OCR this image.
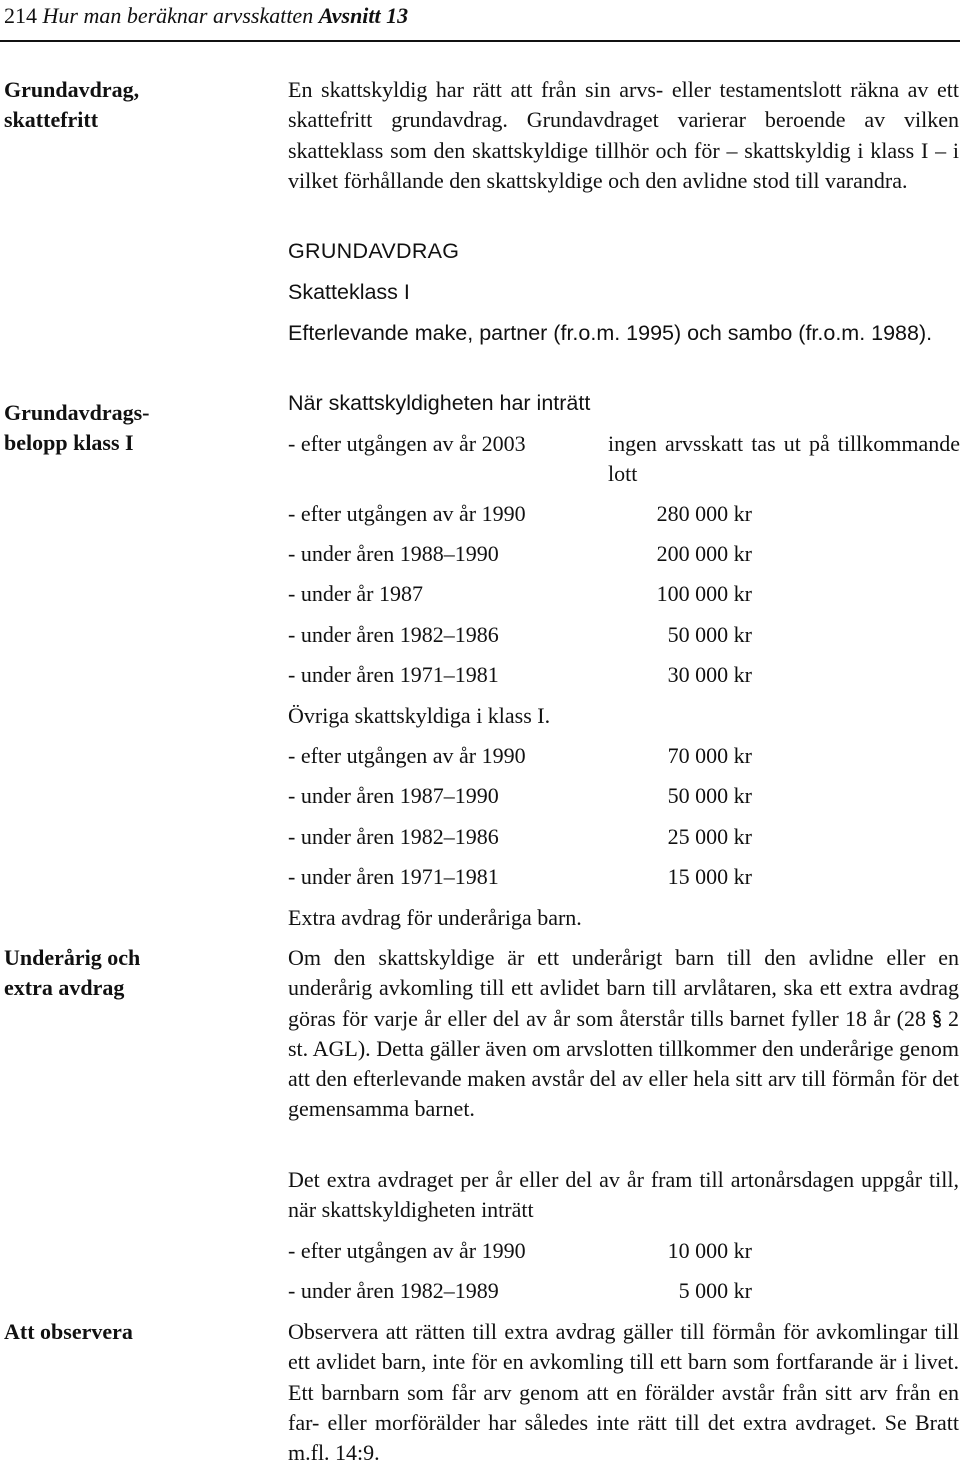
214 Hur man beräknar arvsskatten Avsnitt 13
Grundavdrag,
skattefritt
Grundavdrags-
belopp klass I
Underårig och
extra avdrag
Att observera
En skattskyldig har rätt att från sin arvs- eller testamentslott räkna av ett skattefritt grundavdrag. Grundavdraget varierar beroende av vilken skatteklass som den skattskyldige tillhör och för – skattskyldig i klass I – i vilket förhållande den skattskyldige och den avlidne stod till varandra.
GRUNDAVDRAG
Skatteklass I
Efterlevande make, partner (fr.o.m. 1995) och sambo (fr.o.m. 1988).
När skattskyldigheten har inträtt
- efter utgången av år 2003	ingen arvsskatt tas ut på tillkommande lott
- efter utgången av år 1990	280 000 kr
- under åren 1988–1990	200 000 kr
- under år 1987	100 000 kr
- under åren 1982–1986	50 000 kr
- under åren 1971–1981	30 000 kr
Övriga skattskyldiga i klass I.
- efter utgången av år 1990	70 000 kr
- under åren 1987–1990	50 000 kr
- under åren 1982–1986	25 000 kr
- under åren 1971–1981	15 000 kr
Extra avdrag för underåriga barn.
Om den skattskyldige är ett underårigt barn till den avlidne eller en underårig avkomling till ett avlidet barn till arvlåtaren, ska ett extra avdrag göras för varje år eller del av år som återstår tills barnet fyller 18 år (28 2 st. AGL). Detta gäller även om arvslotten tillkommer den underårige genom att den efterlevande maken avstår del av eller hela sitt arv till förmån för det gemensamma barnet.
Det extra avdraget per år eller del av år fram till artonårsdagen uppgår till, när skattskyldigheten inträtt
- efter utgången av år 1990	10 000 kr
- under åren 1982–1989	5 000 kr
Observera att rätten till extra avdrag gäller till förmån för avkomlingar till ett avlidet barn, inte för en avkomling till ett barn som fortfarande är i livet. Ett barnbarn som får arv genom att en förälder avstår från sitt arv från en far- eller morförälder har således inte rätt till det extra avdraget. Se Bratt m.fl. 14:9.
